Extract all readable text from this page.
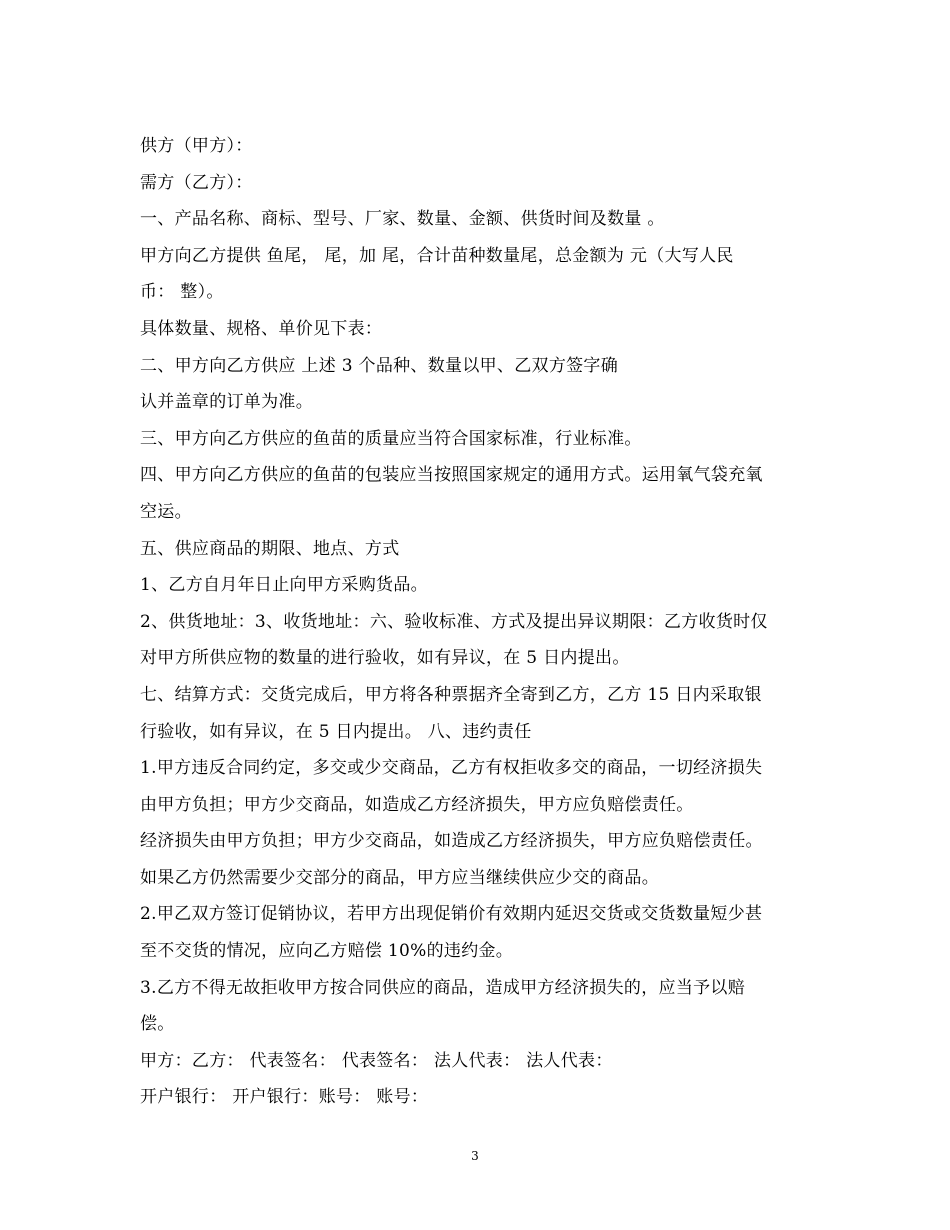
供方（甲方）：
需方（乙方）：
一、产品名称、商标、型号、厂家、数量、金额、供货时间及数量 。
甲方向乙方提供 鱼尾， 尾，加 尾，合计苗种数量尾，总金额为 元（大写人民
币： 整）。
具体数量、规格、单价见下表：
二、甲方向乙方供应 上述 3 个品种、数量以甲、乙双方签字确
认并盖章的订单为准。
三、甲方向乙方供应的鱼苗的质量应当符合国家标准，行业标准。
四、甲方向乙方供应的鱼苗的包装应当按照国家规定的通用方式。运用氧气袋充氧
空运。
五、供应商品的期限、地点、方式
1、乙方自月年日止向甲方采购货品。
2、供货地址：3、收货地址：六、验收标准、方式及提出异议期限：乙方收货时仅
对甲方所供应物的数量的进行验收，如有异议，在 5 日内提出。
七、结算方式：交货完成后，甲方将各种票据齐全寄到乙方，乙方 15 日内采取银
行验收，如有异议，在 5 日内提出。 八、违约责任
1.甲方违反合同约定，多交或少交商品，乙方有权拒收多交的商品，一切经济损失
由甲方负担；甲方少交商品，如造成乙方经济损失，甲方应负赔偿责任。
经济损失由甲方负担；甲方少交商品，如造成乙方经济损失，甲方应负赔偿责任。
如果乙方仍然需要少交部分的商品，甲方应当继续供应少交的商品。
2.甲乙双方签订促销协议，若甲方出现促销价有效期内延迟交货或交货数量短少甚
至不交货的情况，应向乙方赔偿 10%的违约金。
3.乙方不得无故拒收甲方按合同供应的商品，造成甲方经济损失的，应当予以赔
偿。
甲方：乙方： 代表签名： 代表签名： 法人代表： 法人代表：
开户银行： 开户银行：账号： 账号：
3
